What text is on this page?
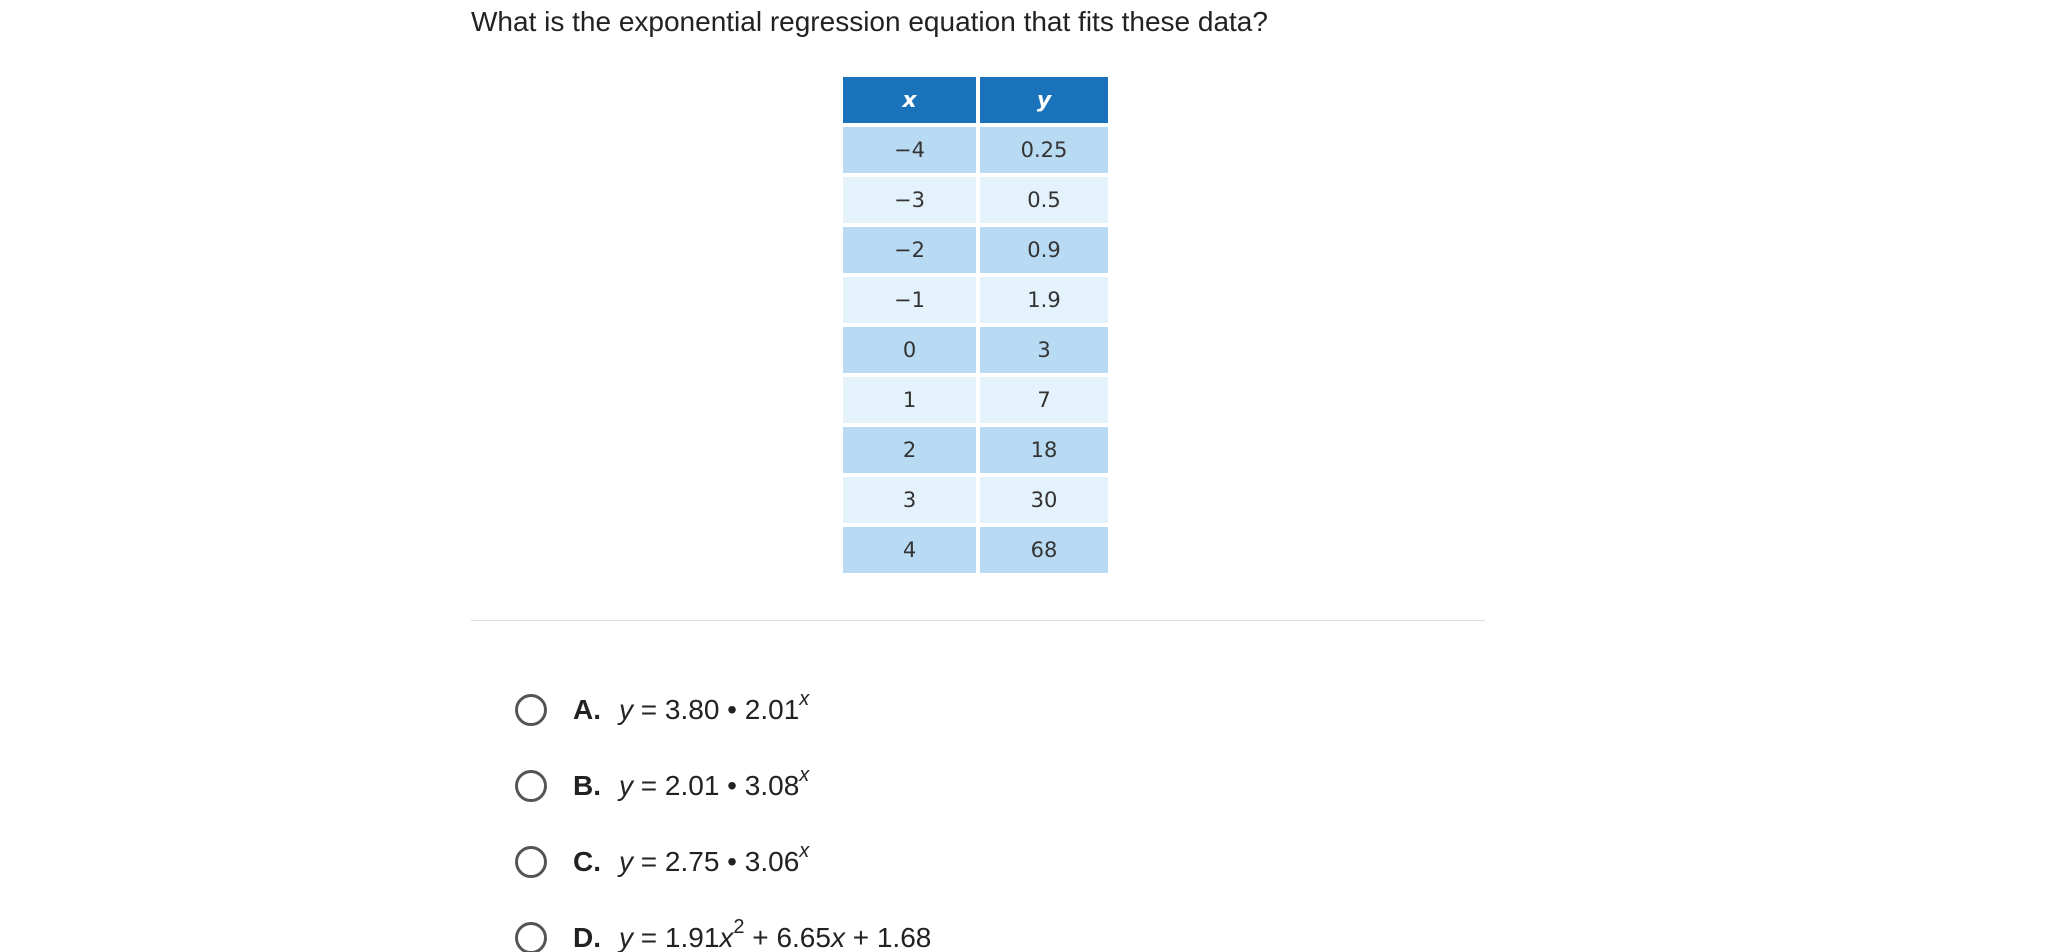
What is the exponential regression equation that fits these data?
x	y
−4	0.25
−3	0.5
−2	0.9
−1	1.9
0	3
1	7
2	18
3	30
4	68
A. y = 3.80 • 2.01$^x$
B. y = 2.01 • 3.08$^x$
C. y = 2.75 • 3.06$^x$
D. $y = 1.91x^2 + 6.65x + 1.68$
